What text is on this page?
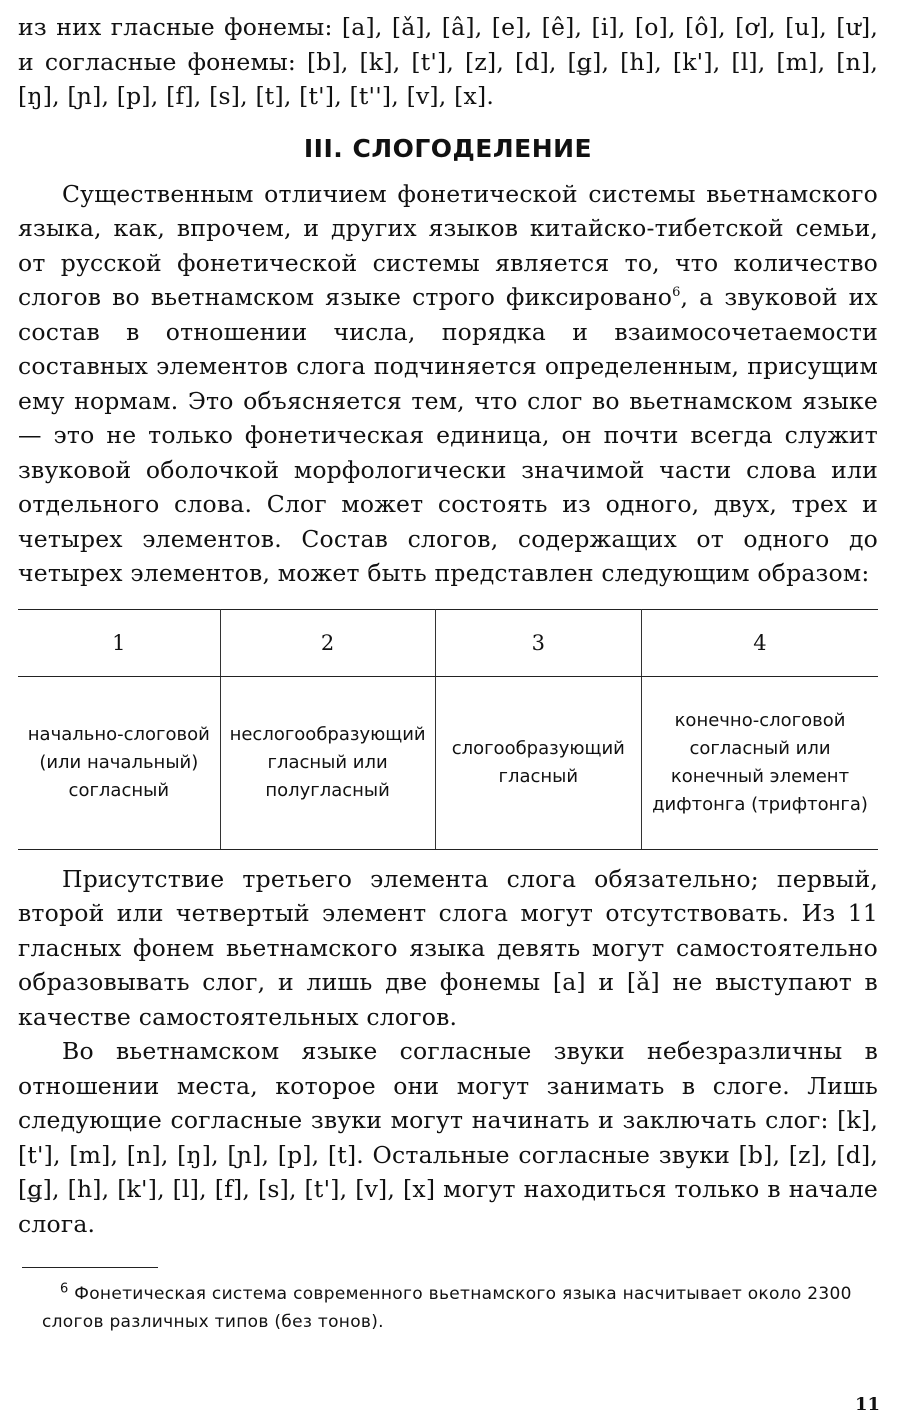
из них гласные фонемы: [a], [ǎ], [â], [e], [ê], [i], [o], [ô], [ơ], [u], [ư], и согласные фонемы: [b], [k], [t'], [z], [d], [ǥ], [h], [k'], [l], [m], [n], [ŋ], [ɲ], [p], [f], [s], [t], [t'], [t''], [v], [x].

III. СЛОГОДЕЛЕНИЕ

Существенным отличием фонетической системы вьетнамского языка, как, впрочем, и других языков китайско-тибетской семьи, от русской фонетической системы является то, что количество слогов во вьетнамском языке строго фиксировано$^6$, а звуковой их состав в отношении числа, порядка и взаимосочетаемости составных элементов слога подчиняется определенным, присущим ему нормам. Это объясняется тем, что слог во вьетнамском языке — это не только фонетическая единица, он почти всегда служит звуковой оболочкой морфологически значимой части слова или отдельного слова. Слог может состоять из одного, двух, трех и четырех элементов. Состав слогов, содержащих от одного до четырех элементов, может быть представлен следующим образом:

1	2	3	4
начально-слоговой (или начальный) согласный	неслогообразующий гласный или полугласный	слогообразующий гласный	конечно-слоговой согласный или конечный элемент дифтонга (трифтонга)

Присутствие третьего элемента слога обязательно; первый, второй или четвертый элемент слога могут отсутствовать. Из 11 гласных фонем вьетнамского языка девять могут самостоятельно образовывать слог, и лишь две фонемы [a] и [ǎ] не выступают в качестве самостоятельных слогов.

Во вьетнамском языке согласные звуки небезразличны в отношении места, которое они могут занимать в слоге. Лишь следующие согласные звуки могут начинать и заключать слог: [k], [t'], [m], [n], [ŋ], [ɲ], [p], [t]. Остальные согласные звуки [b], [z], [d], [ǥ], [h], [k'], [l], [f], [s], [t'], [v], [x] могут находиться только в начале слога.

$^6$ Фонетическая система современного вьетнамского языка насчитывает около 2300 слогов различных типов (без тонов).

11
